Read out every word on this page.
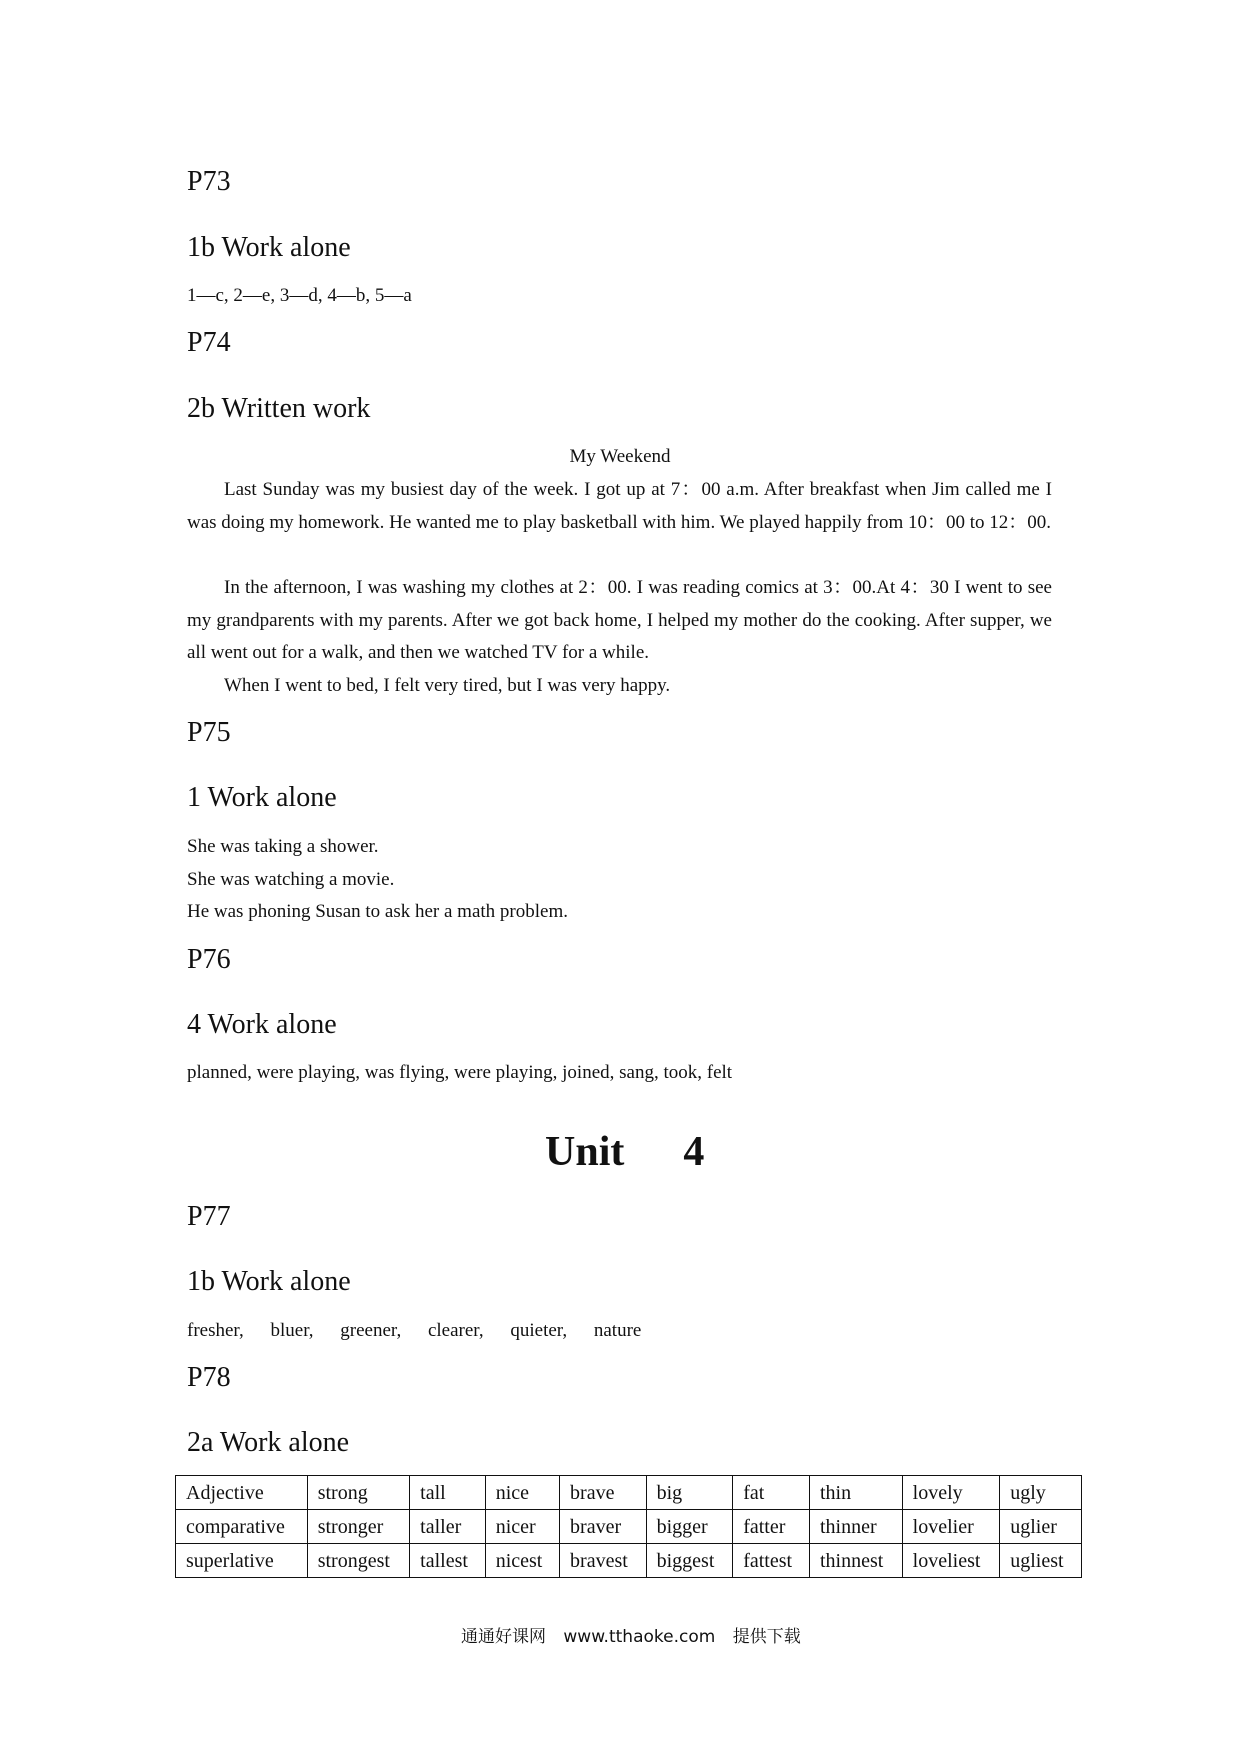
P73
1b Work alone
1—c, 2—e, 3—d, 4—b, 5—a
P74
2b Written work
My Weekend
Last Sunday was my busiest day of the week. I got up at 7：00 a.m. After breakfast when Jim called me I was doing my homework. He wanted me to play basketball with him. We played happily from 10：00 to 12：00.
In the afternoon, I was washing my clothes at 2：00. I was reading comics at 3：00.At 4：30 I went to see my grandparents with my parents. After we got back home, I helped my mother do the cooking. After supper, we all went out for a walk, and then we watched TV for a while.
When I went to bed, I felt very tired, but I was very happy.
P75
1 Work alone
She was taking a shower.
She was watching a movie.
He was phoning Susan to ask her a math problem.
P76
4 Work alone
planned, were playing, was flying, were playing, joined, sang, took, felt
Unit 4
P77
1b Work alone
fresher, bluer, greener, clearer, quieter, nature
P78
2a Work alone
Adjective	strong	tall	nice	brave	big	fat	thin	lovely	ugly
comparative	stronger	taller	nicer	braver	bigger	fatter	thinner	lovelier	uglier
superlative	strongest	tallest	nicest	bravest	biggest	fattest	thinnest	loveliest	ugliest
通通好课网 www.tthaoke.com 提供下载
